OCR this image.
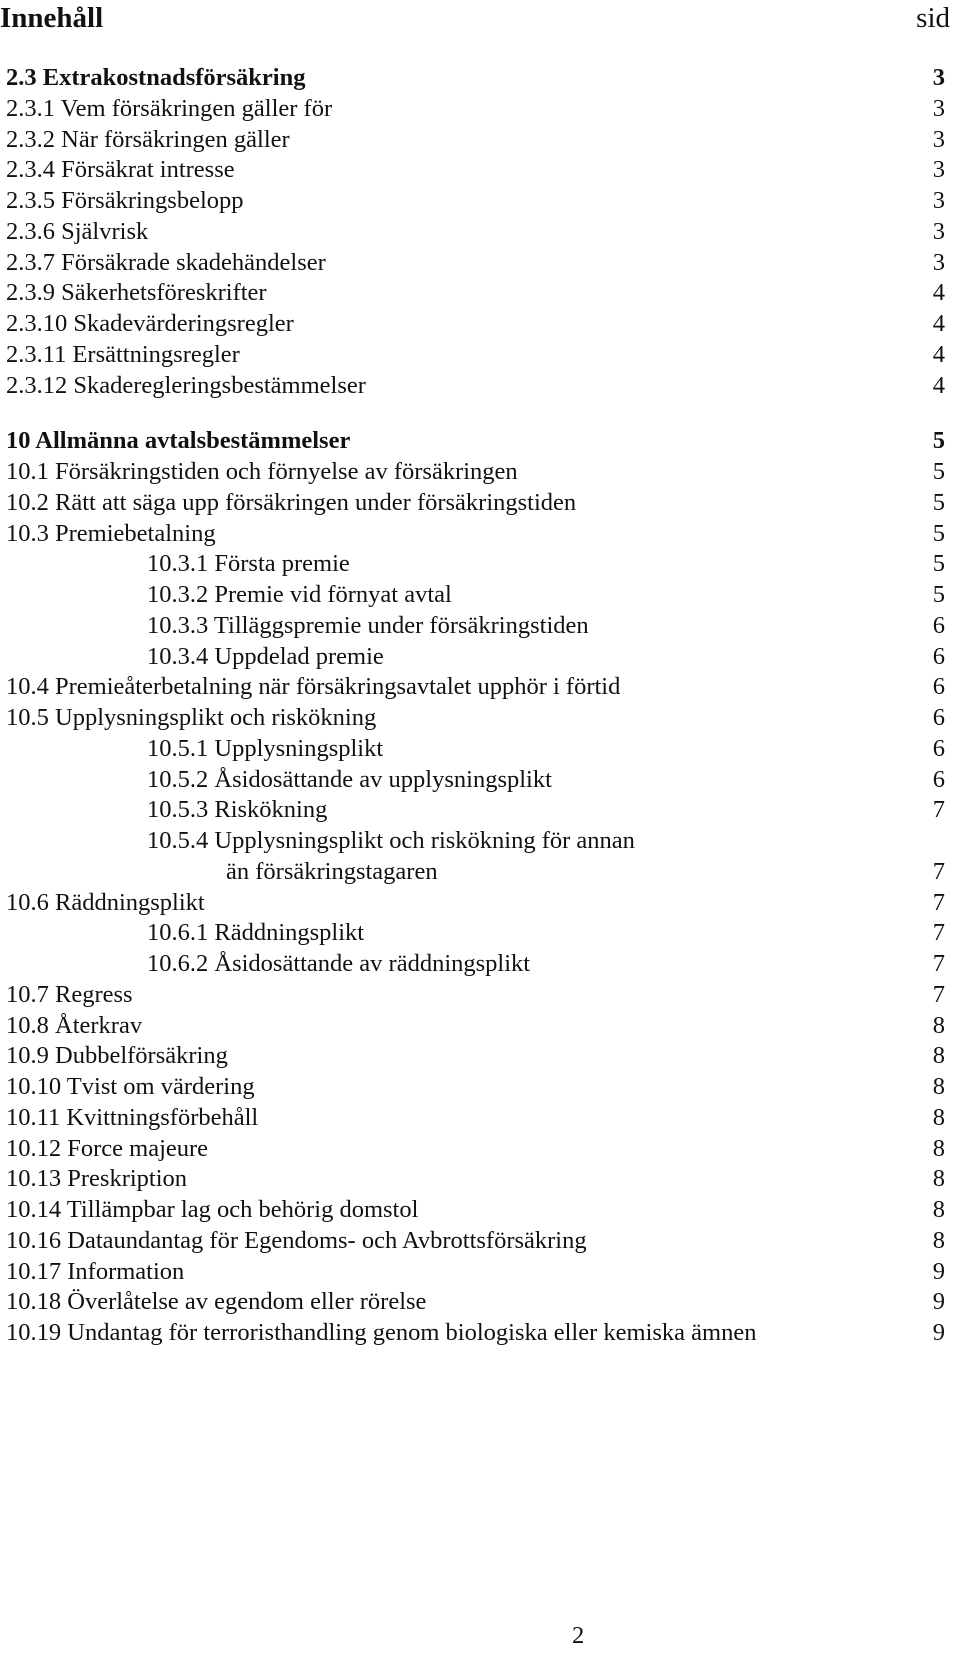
Innehåll	sid
2.3 Extrakostnadsförsäkring	3
2.3.1 Vem försäkringen gäller för	3
2.3.2 När försäkringen gäller	3
2.3.4 Försäkrat intresse	3
2.3.5 Försäkringsbelopp	3
2.3.6 Självrisk	3
2.3.7 Försäkrade skadehändelser	3
2.3.9 Säkerhetsföreskrifter	4
2.3.10 Skadevärderingsregler	4
2.3.11 Ersättningsregler	4
2.3.12 Skaderegleringsbestämmelser	4
10 Allmänna avtalsbestämmelser	5
10.1 Försäkringstiden och förnyelse av försäkringen	5
10.2 Rätt att säga upp försäkringen under försäkringstiden	5
10.3 Premiebetalning	5
10.3.1 Första premie	5
10.3.2 Premie vid förnyat avtal	5
10.3.3 Tilläggspremie under försäkringstiden	6
10.3.4 Uppdelad premie	6
10.4 Premieåterbetalning när försäkringsavtalet upphör i förtid	6
10.5 Upplysningsplikt och riskökning	6
10.5.1 Upplysningsplikt	6
10.5.2 Åsidosättande av upplysningsplikt	6
10.5.3 Riskökning	7
10.5.4 Upplysningsplikt och riskökning för annan
än försäkringstagaren	7
10.6 Räddningsplikt	7
10.6.1 Räddningsplikt	7
10.6.2 Åsidosättande av räddningsplikt	7
10.7 Regress	7
10.8 Återkrav	8
10.9 Dubbelförsäkring	8
10.10 Tvist om värdering	8
10.11 Kvittningsförbehåll	8
10.12 Force majeure	8
10.13 Preskription	8
10.14 Tillämpbar lag och behörig domstol	8
10.16 Dataundantag för Egendoms- och Avbrottsförsäkring	8
10.17 Information	9
10.18 Överlåtelse av egendom eller rörelse	9
10.19 Undantag för terroristhandling genom biologiska eller kemiska ämnen	9
2
